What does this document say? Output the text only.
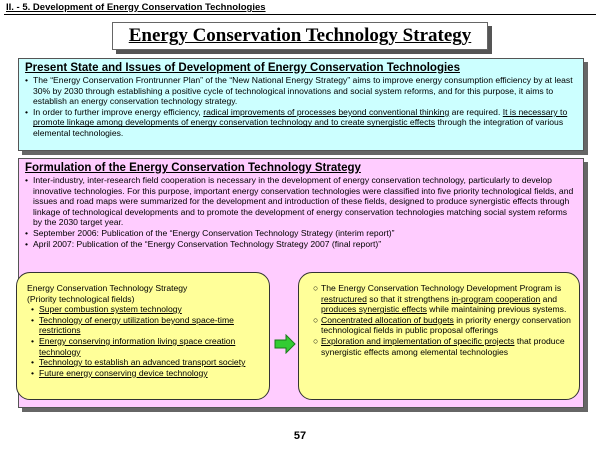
II. - 5. Development of Energy Conservation Technologies
Energy Conservation Technology Strategy
Present State and Issues of Development of Energy Conservation Technologies

• The “Energy Conservation Frontrunner Plan” of the “New National Energy Strategy” aims to improve energy consumption efficiency by at least 30% by 2030 through establishing a positive cycle of technological innovations and social system reforms, and for this purpose, it aims to establish an energy conservation technology strategy.

• In order to further improve energy efficiency, radical improvements of processes beyond conventional thinking are required. It is necessary to promote linkage among developments of energy conservation technology and to create synergistic effects through the integration of various elemental technologies.

Formulation of the Energy Conservation Technology Strategy

• Inter-industry, inter-research field cooperation is necessary in the development of energy conservation technology, particularly to develop innovative technologies. For this purpose, important energy conservation technologies were classified into five priority technological fields, and issues and road maps were summarized for the development and introduction of these fields, designed to produce synergistic effects through linkage of technological developments and to promote the development of energy conservation technologies matching social system reforms by the 2030 target year.

• September 2006: Publication of the “Energy Conservation Technology Strategy (interim report)”

• April 2007: Publication of the “Energy Conservation Technology Strategy 2007 (final report)”

Energy Conservation Technology Strategy
(Priority technological fields)

• Super combustion system technology

• Technology of energy utilization beyond space-time restrictions

• Energy conserving information living space creation technology

• Technology to establish an advanced transport society

• Future energy conserving device technology

○ The Energy Conservation Technology Development Program is restructured so that it strengthens in-program cooperation and produces synergistic effects while maintaining previous systems.

○ Concentrated allocation of budgets in priority energy conservation technological fields in public proposal offerings

○ Exploration and implementation of specific projects that produce synergistic effects among elemental technologies

57
